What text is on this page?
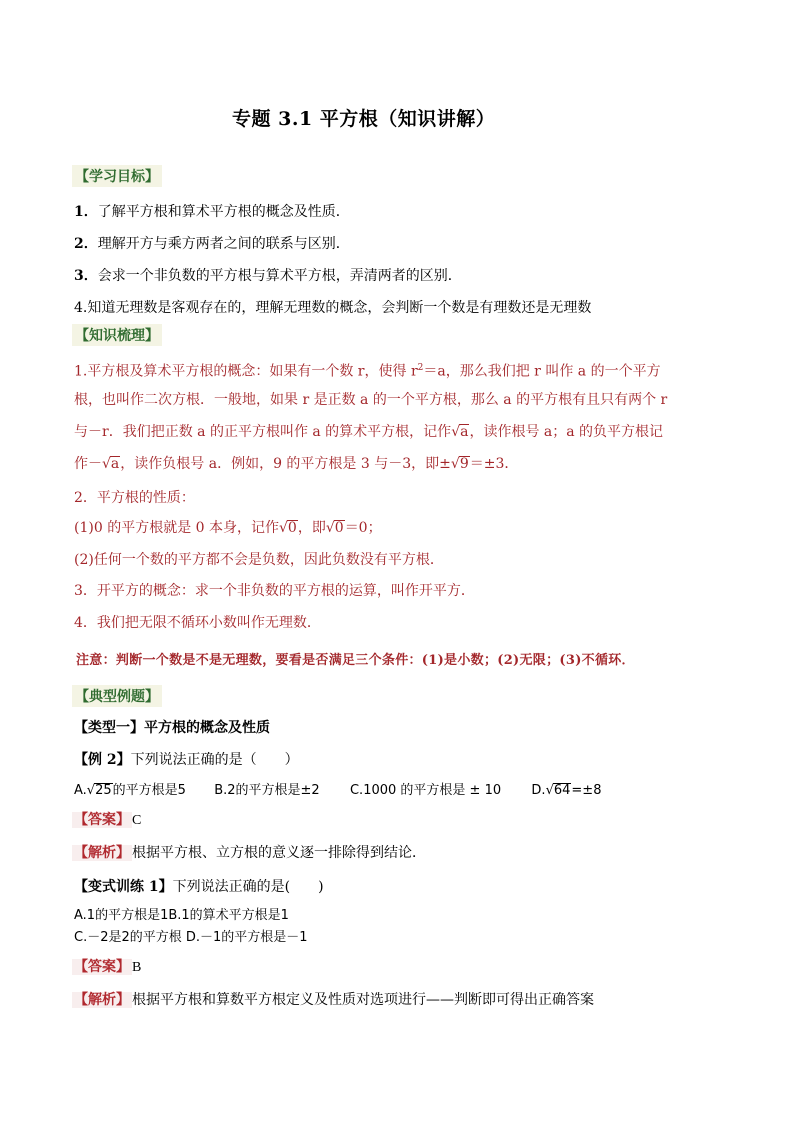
专题 3.1 平方根（知识讲解）
【学习目标】
1．了解平方根和算术平方根的概念及性质．
2．理解开方与乘方两者之间的联系与区别．
3．会求一个非负数的平方根与算术平方根，弄清两者的区别．
4.知道无理数是客观存在的，理解无理数的概念，会判断一个数是有理数还是无理数
【知识梳理】
1.平方根及算术平方根的概念：如果有一个数 r，使得 $r^2=a$，那么我们把 r 叫作 a 的一个平方
根，也叫作二次方根．一般地，如果 r 是正数 a 的一个平方根，那么 a 的平方根有且只有两个 r
与－r．我们把正数 a 的正平方根叫作 a 的算术平方根，记作√a，读作根号 a；a 的负平方根记
作－√a，读作负根号 a．例如，9 的平方根是 3 与－3，即±√9＝±3．
2．平方根的性质：
(1)0 的平方根就是 0 本身，记作√0，即√0＝0；
(2)任何一个数的平方都不会是负数，因此负数没有平方根．
3．开平方的概念：求一个非负数的平方根的运算，叫作开平方．
4．我们把无限不循环小数叫作无理数．
注意：判断一个数是不是无理数，要看是否满足三个条件：(1)是小数；(2)无限；(3)不循环．
【典型例题】
【类型一】平方根的概念及性质
【例 2】下列说法正确的是（　　）
A.√25的平方根是5 B.2的平方根是±2 C.1000 的平方根是 ± 10 D.√64=±8
【答案】 C
【解析】 根据平方根、立方根的意义逐一排除得到结论．
【变式训练 1】下列说法正确的是(　　)
A.1的平方根是1B.1的算术平方根是1
C.－2是2的平方根 D.－1的平方根是－1
【答案】 B
【解析】 根据平方根和算数平方根定义及性质对选项进行——判断即可得出正确答案
